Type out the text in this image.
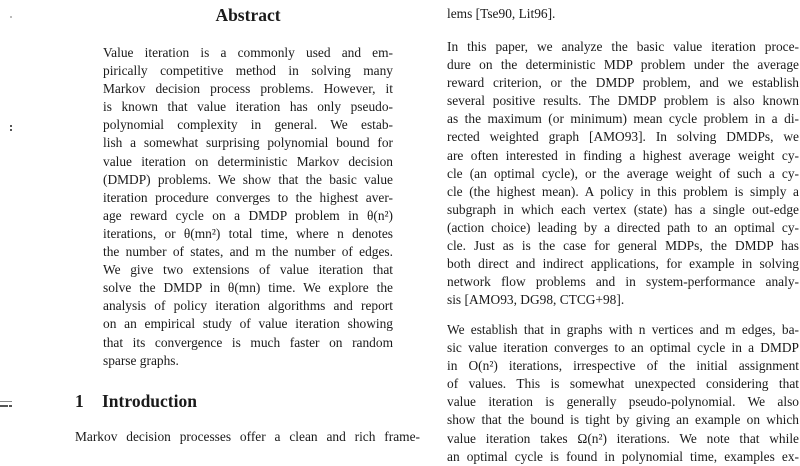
Abstract
Value iteration is a commonly used and em-
pirically competitive method in solving many
Markov decision process problems. However, it
is known that value iteration has only pseudo-
polynomial complexity in general. We estab-
lish a somewhat surprising polynomial bound for
value iteration on deterministic Markov decision
(DMDP) problems. We show that the basic value
iteration procedure converges to the highest aver-
age reward cycle on a DMDP problem in θ(n²)
iterations, or θ(mn²) total time, where n denotes
the number of states, and m the number of edges.
We give two extensions of value iteration that
solve the DMDP in θ(mn) time. We explore the
analysis of policy iteration algorithms and report
on an empirical study of value iteration showing
that its convergence is much faster on random
sparse graphs.
1 Introduction
Markov decision processes offer a clean and rich frame-
lems [Tse90, Lit96].
In this paper, we analyze the basic value iteration proce-
dure on the deterministic MDP problem under the average
reward criterion, or the DMDP problem, and we establish
several positive results. The DMDP problem is also known
as the maximum (or minimum) mean cycle problem in a di-
rected weighted graph [AMO93]. In solving DMDPs, we
are often interested in finding a highest average weight cy-
cle (an optimal cycle), or the average weight of such a cy-
cle (the highest mean). A policy in this problem is simply a
subgraph in which each vertex (state) has a single out-edge
(action choice) leading by a directed path to an optimal cy-
cle. Just as is the case for general MDPs, the DMDP has
both direct and indirect applications, for example in solving
network flow problems and in system-performance analy-
sis [AMO93, DG98, CTCG+98].
We establish that in graphs with n vertices and m edges, ba-
sic value iteration converges to an optimal cycle in a DMDP
in O(n²) iterations, irrespective of the initial assignment
of values. This is somewhat unexpected considering that
value iteration is generally pseudo-polynomial. We also
show that the bound is tight by giving an example on which
value iteration takes Ω(n²) iterations. We note that while
an optimal cycle is found in polynomial time, examples ex-
